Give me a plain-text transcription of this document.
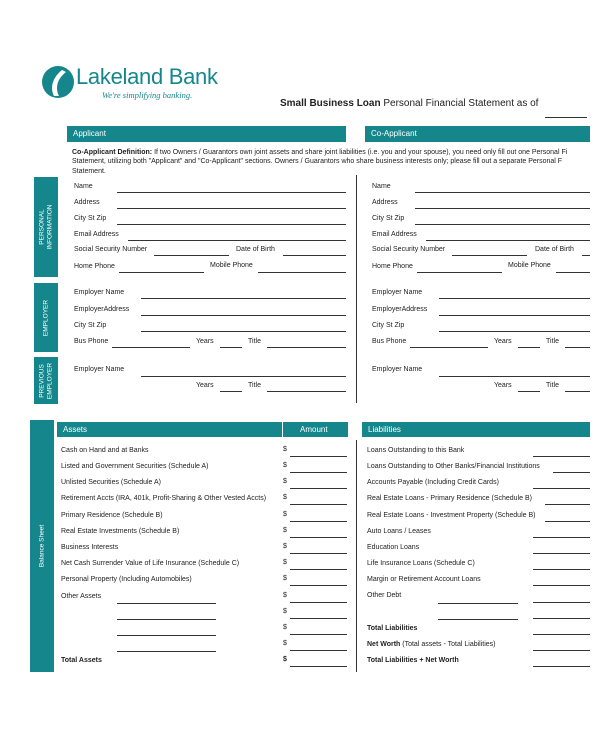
Lakeland Bank
We're simplifying banking.
Small Business Loan Personal Financial Statement as of
Applicant	Co-Applicant
Co-Applicant Definition: If two Owners / Guarantors own joint assets and share joint liabilities (i.e. you and your spouse), you need only fill out one Personal Fi
Statement, utilizing both "Applicant" and "Co-Applicant" sections. Owners / Guarantors who share business interests only; please fill out a separate Personal F
Statement.
PERSONAL
INFORMATION
EMPLOYER
PREVIOUS
EMPLOYER
Balance Sheet
Name
Address
City St Zip
Email Address
Social Security Number	Date of Birth
Home Phone	Mobile Phone
Employer Name
EmployerAddress
City St Zip
Bus Phone	Years	Title
Employer Name
Years	Title
Name
Address
City St Zip
Email Address
Social Security Number	Date of Birth
Home Phone	Mobile Phone
Employer Name
EmployerAddress
City St Zip
Bus Phone	Years	Title
Employer Name
Years	Title
Assets	Amount	Liabilities
Cash on Hand and at Banks	$
Listed and Government Securities (Schedule A)	$
Unlisted Securities (Schedule A)	$
Retirement Accts (IRA, 401k, Profit-Sharing & Other Vested Accts) $
Primary Residence (Schedule B)	$
Real Estate Investments (Schedule B)	$
Business Interests	$
Net Cash Surrender Value of Life Insurance (Schedule C)	$
Personal Property (Including Automobiles)	$
Other Assets	$
$
$
$
Total Assets	$
Loans Outstanding to this Bank
Loans Outstanding to Other Banks/Financial Institutions
Accounts Payable (Including Credit Cards)
Real Estate Loans - Primary Residence (Schedule B)
Real Estate Loans - Investment Property (Schedule B)
Auto Loans / Leases
Education Loans
Life Insurance Loans (Schedule C)
Margin or Retirement Account Loans
Other Debt
Total Liabilities
Net Worth (Total assets - Total Liabilities)
Total Liabilities + Net Worth
